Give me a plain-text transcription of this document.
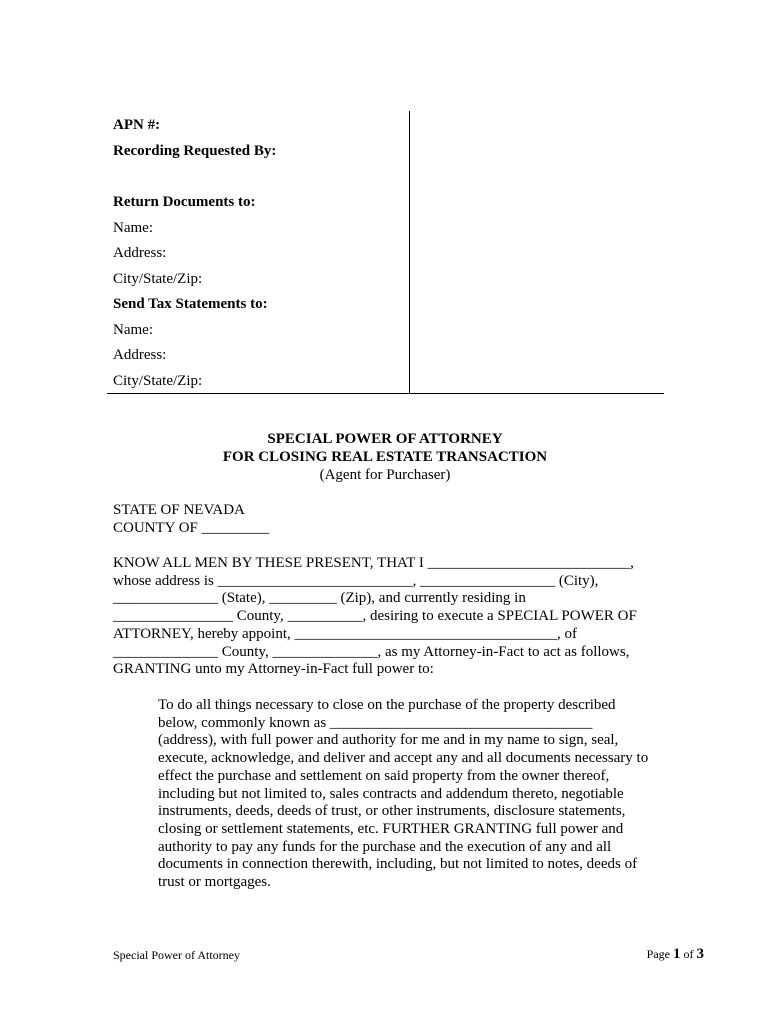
APN #:
Recording Requested By:
Return Documents to:
Name:
Address:
City/State/Zip:
Send Tax Statements to:
Name:
Address:
City/State/Zip:
SPECIAL POWER OF ATTORNEY
FOR CLOSING REAL ESTATE TRANSACTION
(Agent for Purchaser)
STATE OF NEVADA
COUNTY OF _________
KNOW ALL MEN BY THESE PRESENT, THAT I ___________________________,
whose address is __________________________, __________________ (City),
______________ (State), _________ (Zip), and currently residing in
________________ County, __________, desiring to execute a SPECIAL POWER OF
ATTORNEY, hereby appoint, ___________________________________, of
______________ County, ______________, as my Attorney-in-Fact to act as follows,
GRANTING unto my Attorney-in-Fact full power to:
To do all things necessary to close on the purchase of the property described
below, commonly known as ___________________________________
(address), with full power and authority for me and in my name to sign, seal,
execute, acknowledge, and deliver and accept any and all documents necessary to
effect the purchase and settlement on said property from the owner thereof,
including but not limited to, sales contracts and addendum thereto, negotiable
instruments, deeds, deeds of trust, or other instruments, disclosure statements,
closing or settlement statements, etc. FURTHER GRANTING full power and
authority to pay any funds for the purchase and the execution of any and all
documents in connection therewith, including, but not limited to notes, deeds of
trust or mortgages.
Special Power of Attorney	Page 1 of 3
